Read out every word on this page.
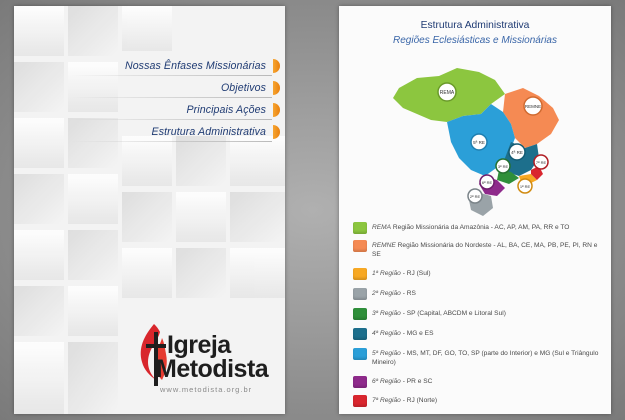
Nossas Ênfases Missionárias
Objetivos
Principais Ações
Estrutura Administrativa
Igreja
Metodista
www.metodista.org.br
Estrutura Administrativa
Regiões Eclesiásticas e Missionárias
REMA
REMNE
5ª RE
4ª RE
3ª RE
1ª RE
6ª RE
2ª RE
7ª RE
REMA Região Missionária da Amazônia - AC, AP, AM, PA, RR e TO
REMNE Região Missionária do Nordeste - AL, BA, CE, MA, PB, PE, PI, RN e SE
1ª Região - RJ (Sul)
2ª Região - RS
3ª Região - SP (Capital, ABCDM e Litoral Sul)
4ª Região - MG e ES
5ª Região - MS, MT, DF, GO, TO, SP (parte do Interior) e MG (Sul e Triângulo Mineiro)
6ª Região - PR e SC
7ª Região - RJ (Norte)
